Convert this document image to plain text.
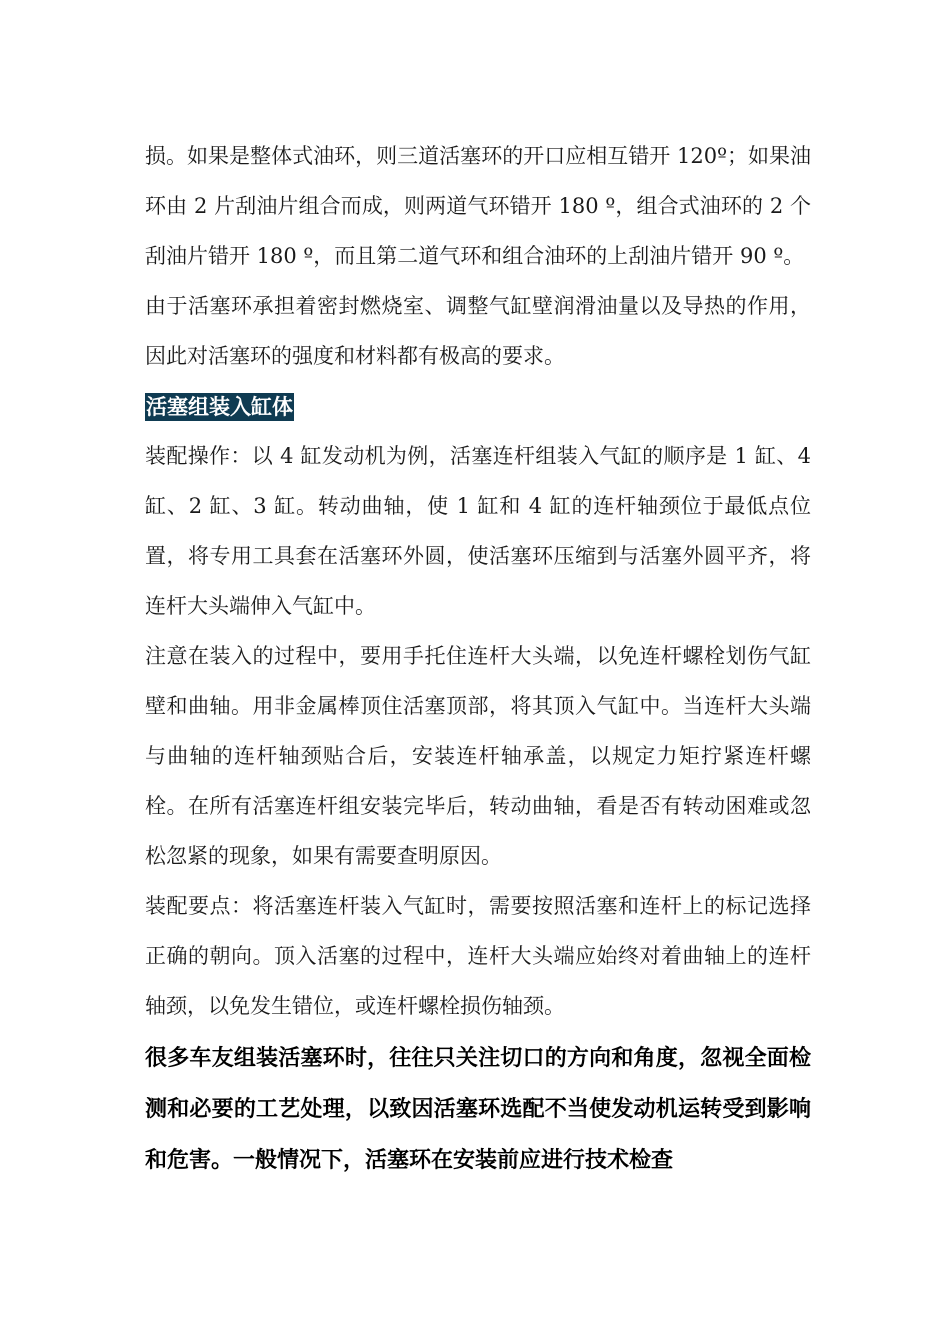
损。如果是整体式油环，则三道活塞环的开口应相互错开 120º；如果油环由 2 片刮油片组合而成，则两道气环错开 180 º，组合式油环的 2 个刮油片错开 180 º，而且第二道气环和组合油环的上刮油片错开 90 º。

由于活塞环承担着密封燃烧室、调整气缸壁润滑油量以及导热的作用，因此对活塞环的强度和材料都有极高的要求。

活塞组装入缸体

装配操作：以 4 缸发动机为例，活塞连杆组装入气缸的顺序是 1 缸、4 缸、2 缸、3 缸。转动曲轴，使 1 缸和 4 缸的连杆轴颈位于最低点位置，将专用工具套在活塞环外圆，使活塞环压缩到与活塞外圆平齐，将连杆大头端伸入气缸中。

注意在装入的过程中，要用手托住连杆大头端，以免连杆螺栓划伤气缸壁和曲轴。用非金属棒顶住活塞顶部，将其顶入气缸中。当连杆大头端与曲轴的连杆轴颈贴合后，安装连杆轴承盖，以规定力矩拧紧连杆螺栓。在所有活塞连杆组安装完毕后，转动曲轴，看是否有转动困难或忽松忽紧的现象，如果有需要查明原因。

装配要点：将活塞连杆装入气缸时，需要按照活塞和连杆上的标记选择正确的朝向。顶入活塞的过程中，连杆大头端应始终对着曲轴上的连杆轴颈，以免发生错位，或连杆螺栓损伤轴颈。

很多车友组装活塞环时，往往只关注切口的方向和角度，忽视全面检测和必要的工艺处理，以致因活塞环选配不当使发动机运转受到影响和危害。一般情况下，活塞环在安装前应进行技术检查
